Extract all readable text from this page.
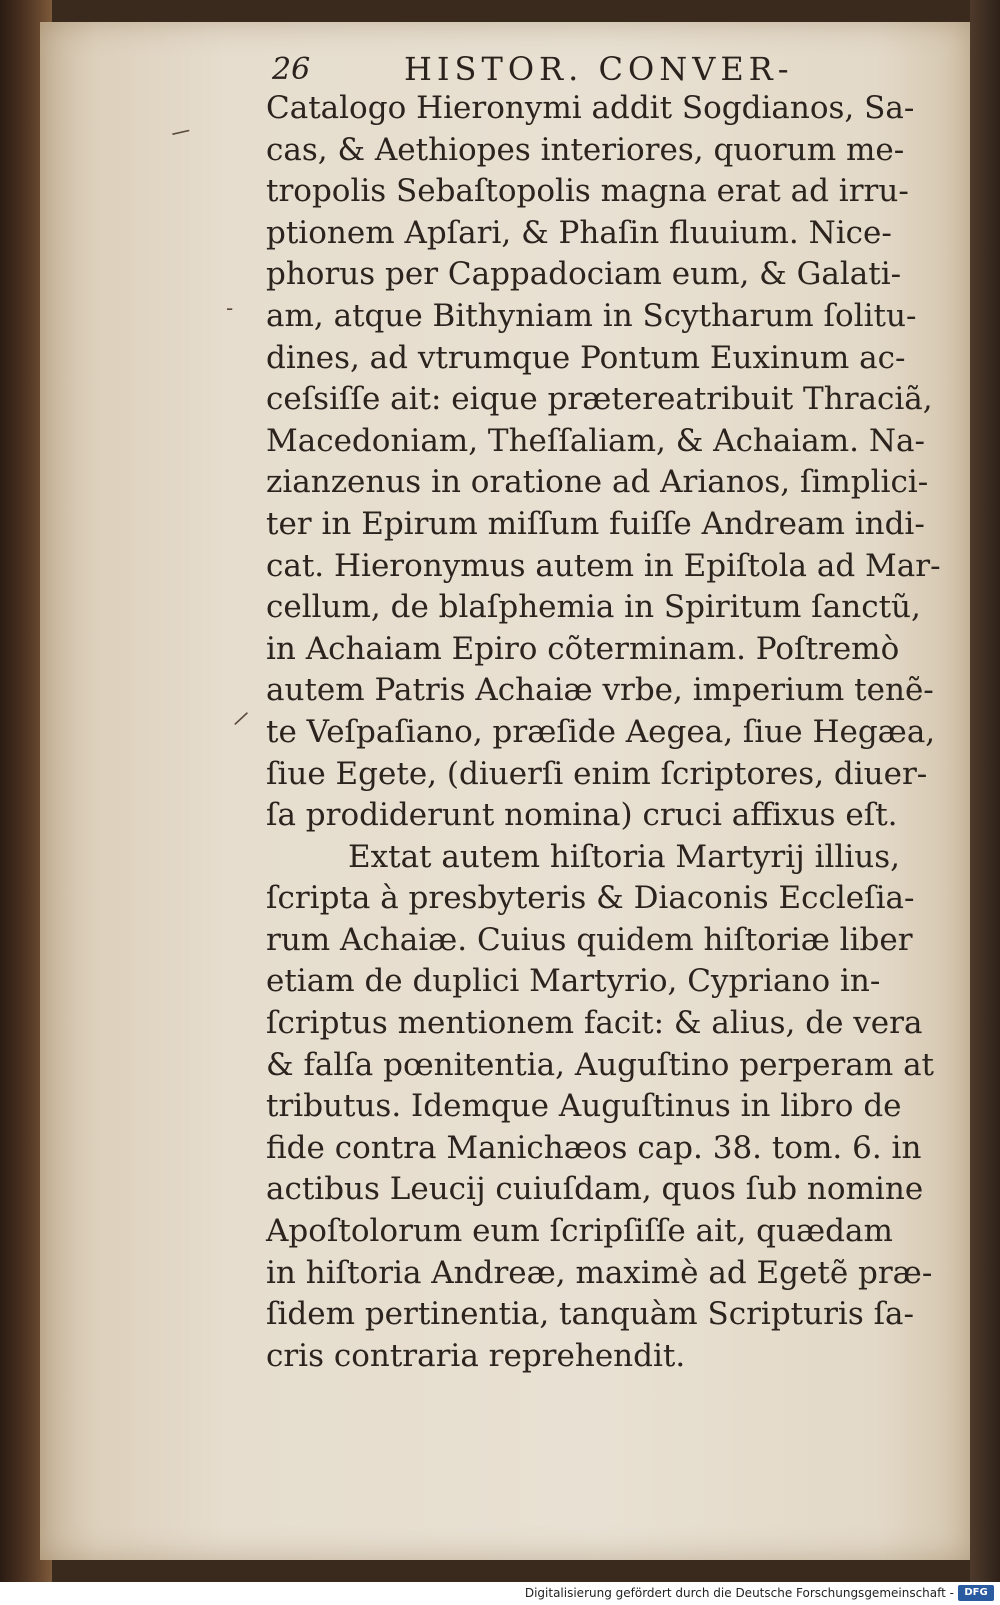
26	HISTOR. CONVER-
/
-
/
Catalogo Hieronymi addit Sogdianos, Sa-
cas, & Aethiopes interiores, quorum me-
tropolis Sebaſtopolis magna erat ad irru-
ptionem Apſari, & Phaſin fluuium. Nice-
phorus per Cappadociam eum, & Galati-
am, atque Bithyniam in Scytharum ſolitu-
dines, ad vtrumque Pontum Euxinum ac-
ceſsiſſe ait: eique prætereatribuit Thraciã,
Macedoniam, Theſſaliam, & Achaiam. Na-
zianzenus in oratione ad Arianos, ſimplici-
ter in Epirum miſſum fuiſſe Andream indi-
cat. Hieronymus autem in Epiſtola ad Mar-
cellum, de blaſphemia in Spiritum ſanctũ,
in Achaiam Epiro cõterminam. Poſtremò
autem Patris Achaiæ vrbe, imperium tenẽ-
te Veſpaſiano, præſide Aegea, ſiue Hegæa,
ſiue Egete, (diuerſi enim ſcriptores, diuer-
ſa prodiderunt nomina) cruci affixus eſt.
Extat autem hiſtoria Martyrij illius,
ſcripta à presbyteris & Diaconis Eccleſia-
rum Achaiæ. Cuius quidem hiſtoriæ liber
etiam de duplici Martyrio, Cypriano in-
ſcriptus mentionem facit: & alius, de vera
& falſa pœnitentia, Auguſtino perperam at
tributus. Idemque Auguſtinus in libro de
fide contra Manichæos cap. 38. tom. 6. in
actibus Leucij cuiuſdam, quos ſub nomine
Apoſtolorum eum ſcripſiſſe ait, quædam
in hiſtoria Andreæ, maximè ad Egetẽ præ-
ſidem pertinentia, tanquàm Scripturis ſa-
cris contraria reprehendit.
Digitalisierung gefördert durch die Deutsche Forschungsgemeinschaft -	DFG
